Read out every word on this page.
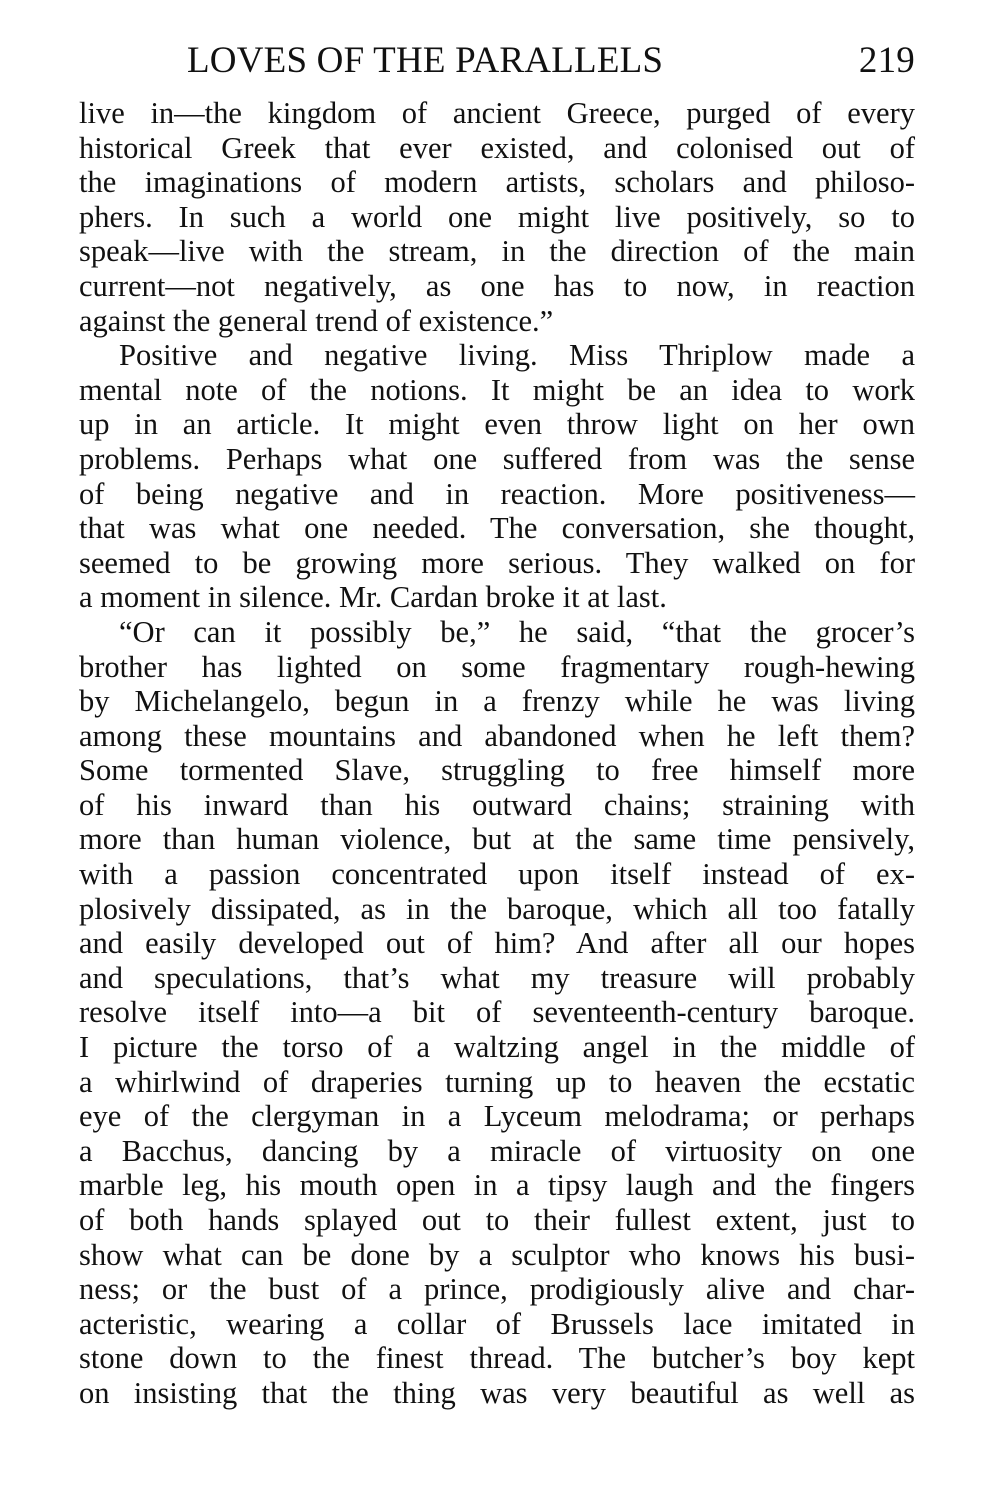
LOVES OF THE PARALLELS	219
live in—the kingdom of ancient Greece, purged of every
historical Greek that ever existed, and colonised out of
the imaginations of modern artists, scholars and philoso-
phers. In such a world one might live positively, so to
speak—live with the stream, in the direction of the main
current—not negatively, as one has to now, in reaction
against the general trend of existence.”
Positive and negative living. Miss Thriplow made a
mental note of the notions. It might be an idea to work
up in an article. It might even throw light on her own
problems. Perhaps what one suffered from was the sense
of being negative and in reaction. More positiveness—
that was what one needed. The conversation, she thought,
seemed to be growing more serious. They walked on for
a moment in silence. Mr. Cardan broke it at last.
“Or can it possibly be,” he said, “that the grocer’s
brother has lighted on some fragmentary rough-hewing
by Michelangelo, begun in a frenzy while he was living
among these mountains and abandoned when he left them?
Some tormented Slave, struggling to free himself more
of his inward than his outward chains; straining with
more than human violence, but at the same time pensively,
with a passion concentrated upon itself instead of ex-
plosively dissipated, as in the baroque, which all too fatally
and easily developed out of him? And after all our hopes
and speculations, that’s what my treasure will probably
resolve itself into—a bit of seventeenth-century baroque.
I picture the torso of a waltzing angel in the middle of
a whirlwind of draperies turning up to heaven the ecstatic
eye of the clergyman in a Lyceum melodrama; or perhaps
a Bacchus, dancing by a miracle of virtuosity on one
marble leg, his mouth open in a tipsy laugh and the fingers
of both hands splayed out to their fullest extent, just to
show what can be done by a sculptor who knows his busi-
ness; or the bust of a prince, prodigiously alive and char-
acteristic, wearing a collar of Brussels lace imitated in
stone down to the finest thread. The butcher’s boy kept
on insisting that the thing was very beautiful as well as
